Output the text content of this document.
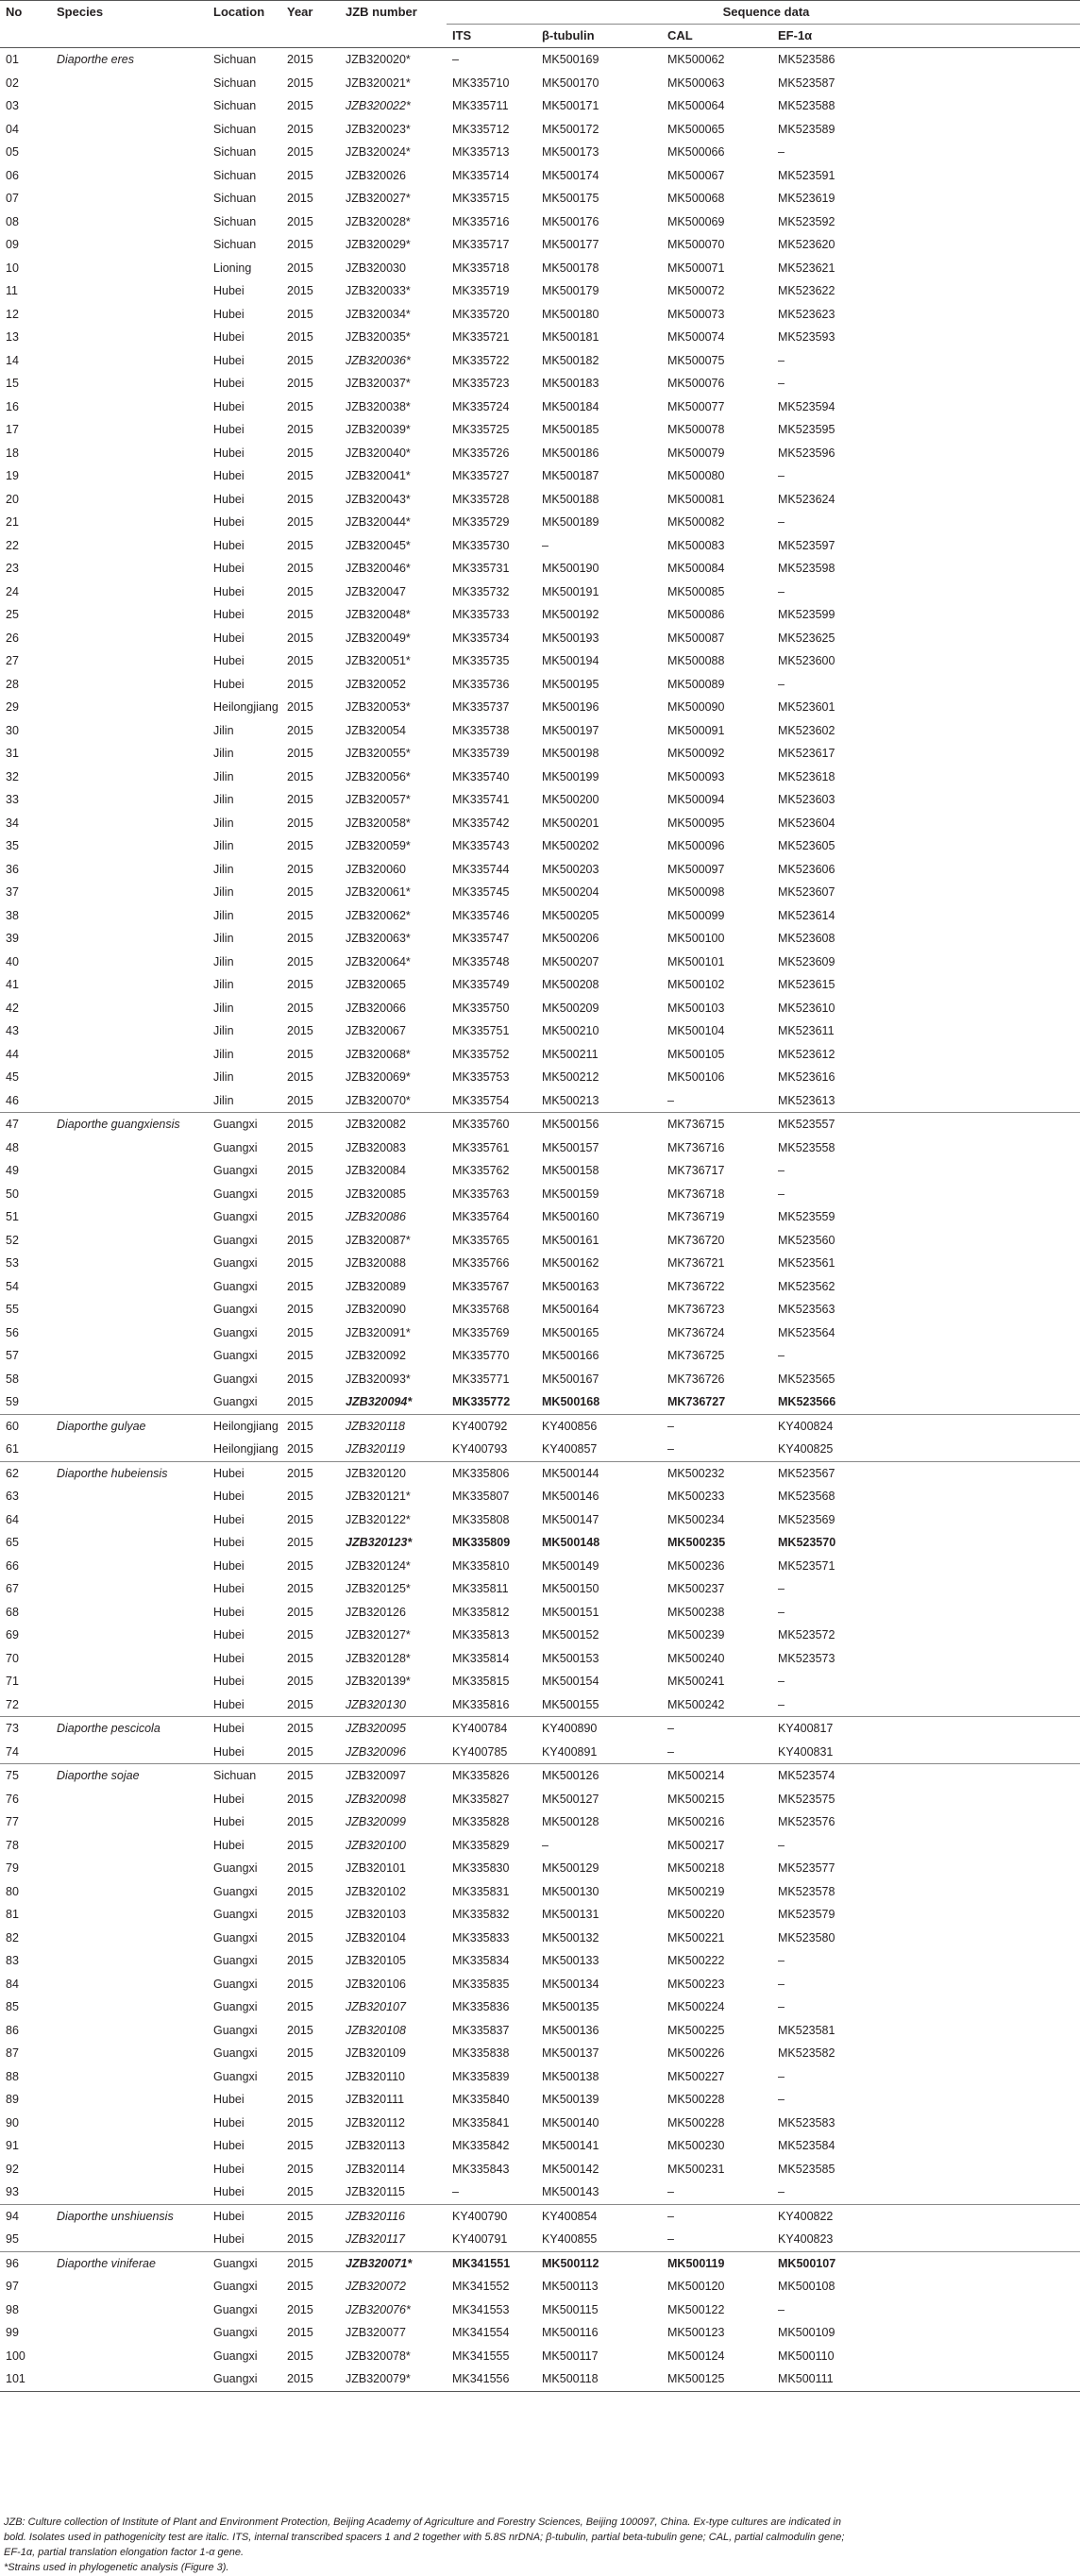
No	Species	Location	Year	JZB number	Sequence data			
					ITS	β-tubulin	CAL	EF-1α
01	Diaporthe eres	Sichuan	2015	JZB320020*	–	MK500169	MK500062	MK523586
02		Sichuan	2015	JZB320021*	MK335710	MK500170	MK500063	MK523587
03		Sichuan	2015	JZB320022*	MK335711	MK500171	MK500064	MK523588
04		Sichuan	2015	JZB320023*	MK335712	MK500172	MK500065	MK523589
05		Sichuan	2015	JZB320024*	MK335713	MK500173	MK500066	–
06		Sichuan	2015	JZB320026	MK335714	MK500174	MK500067	MK523591
07		Sichuan	2015	JZB320027*	MK335715	MK500175	MK500068	MK523619
08		Sichuan	2015	JZB320028*	MK335716	MK500176	MK500069	MK523592
09		Sichuan	2015	JZB320029*	MK335717	MK500177	MK500070	MK523620
10		Lioning	2015	JZB320030	MK335718	MK500178	MK500071	MK523621
11		Hubei	2015	JZB320033*	MK335719	MK500179	MK500072	MK523622
12		Hubei	2015	JZB320034*	MK335720	MK500180	MK500073	MK523623
13		Hubei	2015	JZB320035*	MK335721	MK500181	MK500074	MK523593
14		Hubei	2015	JZB320036*	MK335722	MK500182	MK500075	–
15		Hubei	2015	JZB320037*	MK335723	MK500183	MK500076	–
16		Hubei	2015	JZB320038*	MK335724	MK500184	MK500077	MK523594
17		Hubei	2015	JZB320039*	MK335725	MK500185	MK500078	MK523595
18		Hubei	2015	JZB320040*	MK335726	MK500186	MK500079	MK523596
19		Hubei	2015	JZB320041*	MK335727	MK500187	MK500080	–
20		Hubei	2015	JZB320043*	MK335728	MK500188	MK500081	MK523624
21		Hubei	2015	JZB320044*	MK335729	MK500189	MK500082	–
22		Hubei	2015	JZB320045*	MK335730	–	MK500083	MK523597
23		Hubei	2015	JZB320046*	MK335731	MK500190	MK500084	MK523598
24		Hubei	2015	JZB320047	MK335732	MK500191	MK500085	–
25		Hubei	2015	JZB320048*	MK335733	MK500192	MK500086	MK523599
26		Hubei	2015	JZB320049*	MK335734	MK500193	MK500087	MK523625
27		Hubei	2015	JZB320051*	MK335735	MK500194	MK500088	MK523600
28		Hubei	2015	JZB320052	MK335736	MK500195	MK500089	–
29		Heilongjiang	2015	JZB320053*	MK335737	MK500196	MK500090	MK523601
30		Jilin	2015	JZB320054	MK335738	MK500197	MK500091	MK523602
31		Jilin	2015	JZB320055*	MK335739	MK500198	MK500092	MK523617
32		Jilin	2015	JZB320056*	MK335740	MK500199	MK500093	MK523618
33		Jilin	2015	JZB320057*	MK335741	MK500200	MK500094	MK523603
34		Jilin	2015	JZB320058*	MK335742	MK500201	MK500095	MK523604
35		Jilin	2015	JZB320059*	MK335743	MK500202	MK500096	MK523605
36		Jilin	2015	JZB320060	MK335744	MK500203	MK500097	MK523606
37		Jilin	2015	JZB320061*	MK335745	MK500204	MK500098	MK523607
38		Jilin	2015	JZB320062*	MK335746	MK500205	MK500099	MK523614
39		Jilin	2015	JZB320063*	MK335747	MK500206	MK500100	MK523608
40		Jilin	2015	JZB320064*	MK335748	MK500207	MK500101	MK523609
41		Jilin	2015	JZB320065	MK335749	MK500208	MK500102	MK523615
42		Jilin	2015	JZB320066	MK335750	MK500209	MK500103	MK523610
43		Jilin	2015	JZB320067	MK335751	MK500210	MK500104	MK523611
44		Jilin	2015	JZB320068*	MK335752	MK500211	MK500105	MK523612
45		Jilin	2015	JZB320069*	MK335753	MK500212	MK500106	MK523616
46		Jilin	2015	JZB320070*	MK335754	MK500213	–	MK523613
47	Diaporthe guangxiensis	Guangxi	2015	JZB320082	MK335760	MK500156	MK736715	MK523557
48		Guangxi	2015	JZB320083	MK335761	MK500157	MK736716	MK523558
49		Guangxi	2015	JZB320084	MK335762	MK500158	MK736717	–
50		Guangxi	2015	JZB320085	MK335763	MK500159	MK736718	–
51		Guangxi	2015	JZB320086	MK335764	MK500160	MK736719	MK523559
52		Guangxi	2015	JZB320087*	MK335765	MK500161	MK736720	MK523560
53		Guangxi	2015	JZB320088	MK335766	MK500162	MK736721	MK523561
54		Guangxi	2015	JZB320089	MK335767	MK500163	MK736722	MK523562
55		Guangxi	2015	JZB320090	MK335768	MK500164	MK736723	MK523563
56		Guangxi	2015	JZB320091*	MK335769	MK500165	MK736724	MK523564
57		Guangxi	2015	JZB320092	MK335770	MK500166	MK736725	–
58		Guangxi	2015	JZB320093*	MK335771	MK500167	MK736726	MK523565
59		Guangxi	2015	JZB320094*	MK335772	MK500168	MK736727	MK523566
60	Diaporthe gulyae	Heilongjiang	2015	JZB320118	KY400792	KY400856	–	KY400824
61		Heilongjiang	2015	JZB320119	KY400793	KY400857	–	KY400825
62	Diaporthe hubeiensis	Hubei	2015	JZB320120	MK335806	MK500144	MK500232	MK523567
63		Hubei	2015	JZB320121*	MK335807	MK500146	MK500233	MK523568
64		Hubei	2015	JZB320122*	MK335808	MK500147	MK500234	MK523569
65		Hubei	2015	JZB320123*	MK335809	MK500148	MK500235	MK523570
66		Hubei	2015	JZB320124*	MK335810	MK500149	MK500236	MK523571
67		Hubei	2015	JZB320125*	MK335811	MK500150	MK500237	–
68		Hubei	2015	JZB320126	MK335812	MK500151	MK500238	–
69		Hubei	2015	JZB320127*	MK335813	MK500152	MK500239	MK523572
70		Hubei	2015	JZB320128*	MK335814	MK500153	MK500240	MK523573
71		Hubei	2015	JZB320139*	MK335815	MK500154	MK500241	–
72		Hubei	2015	JZB320130	MK335816	MK500155	MK500242	–
73	Diaporthe pescicola	Hubei	2015	JZB320095	KY400784	KY400890	–	KY400817
74		Hubei	2015	JZB320096	KY400785	KY400891	–	KY400831
75	Diaporthe sojae	Sichuan	2015	JZB320097	MK335826	MK500126	MK500214	MK523574
76		Hubei	2015	JZB320098	MK335827	MK500127	MK500215	MK523575
77		Hubei	2015	JZB320099	MK335828	MK500128	MK500216	MK523576
78		Hubei	2015	JZB320100	MK335829	–	MK500217	–
79		Guangxi	2015	JZB320101	MK335830	MK500129	MK500218	MK523577
80		Guangxi	2015	JZB320102	MK335831	MK500130	MK500219	MK523578
81		Guangxi	2015	JZB320103	MK335832	MK500131	MK500220	MK523579
82		Guangxi	2015	JZB320104	MK335833	MK500132	MK500221	MK523580
83		Guangxi	2015	JZB320105	MK335834	MK500133	MK500222	–
84		Guangxi	2015	JZB320106	MK335835	MK500134	MK500223	–
85		Guangxi	2015	JZB320107	MK335836	MK500135	MK500224	–
86		Guangxi	2015	JZB320108	MK335837	MK500136	MK500225	MK523581
87		Guangxi	2015	JZB320109	MK335838	MK500137	MK500226	MK523582
88		Guangxi	2015	JZB320110	MK335839	MK500138	MK500227	–
89		Hubei	2015	JZB320111	MK335840	MK500139	MK500228	–
90		Hubei	2015	JZB320112	MK335841	MK500140	MK500228	MK523583
91		Hubei	2015	JZB320113	MK335842	MK500141	MK500230	MK523584
92		Hubei	2015	JZB320114	MK335843	MK500142	MK500231	MK523585
93		Hubei	2015	JZB320115	–	MK500143	–	–
94	Diaporthe unshiuensis	Hubei	2015	JZB320116	KY400790	KY400854	–	KY400822
95		Hubei	2015	JZB320117	KY400791	KY400855	–	KY400823
96	Diaporthe viniferae	Guangxi	2015	JZB320071*	MK341551	MK500112	MK500119	MK500107
97		Guangxi	2015	JZB320072	MK341552	MK500113	MK500120	MK500108
98		Guangxi	2015	JZB320076*	MK341553	MK500115	MK500122	–
99		Guangxi	2015	JZB320077	MK341554	MK500116	MK500123	MK500109
100		Guangxi	2015	JZB320078*	MK341555	MK500117	MK500124	MK500110
101		Guangxi	2015	JZB320079*	MK341556	MK500118	MK500125	MK500111

JZB: Culture collection of Institute of Plant and Environment Protection, Beijing Academy of Agriculture and Forestry Sciences, Beijing 100097, China. Ex-type cultures are indicated in

bold. Isolates used in pathogenicity test are italic. ITS, internal transcribed spacers 1 and 2 together with 5.8S nrDNA; β-tubulin, partial beta-tubulin gene; CAL, partial calmodulin gene;

EF-1α, partial translation elongation factor 1-α gene.

*Strains used in phylogenetic analysis (Figure 3).
